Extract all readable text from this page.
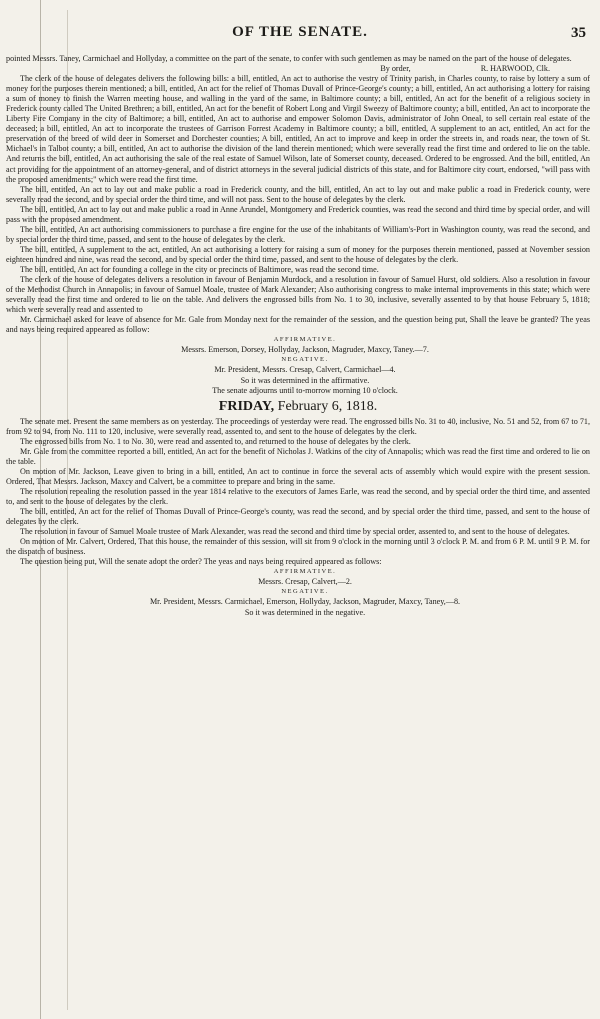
OF THE SENATE.	35

pointed Messrs. Taney, Carmichael and Hollyday, a committee on the part of the senate, to confer with such gentlemen as may be named on the part of the house of delegates.

By order,	R. HARWOOD, Clk.

The clerk of the house of delegates delivers the following bills: a bill, entitled, An act to authorise the vestry of Trinity parish, in Charles county, to raise by lottery a sum of money for the purposes therein mentioned; a bill, entitled, An act for the relief of Thomas Duvall of Prince-George's county; a bill, entitled, An act authorising a lottery for raising a sum of money to finish the Warren meeting house, and walling in the yard of the same, in Baltimore county; a bill, entitled, An act for the benefit of a religious society in Frederick county called The United Brethren; a bill, entitled, An act for the benefit of Robert Long and Virgil Sweezy of Baltimore county; a bill, entitled, An act to incorporate the Liberty Fire Company in the city of Baltimore; a bill, entitled, An act to authorise and empower Solomon Davis, administrator of John Oneal, to sell certain real estate of the deceased; a bill, entitled, An act to incorporate the trustees of Garrison Forrest Academy in Baltimore county; a bill, entitled, A supplement to an act, entitled, An act for the preservation of the breed of wild deer in Somerset and Dorchester counties; A bill, entitled, An act to improve and keep in order the streets in, and roads near, the town of St. Michael's in Talbot county; a bill, entitled, An act to authorise the division of the land therein mentioned; which were severally read the first time and ordered to lie on the table. And returns the bill, entitled, An act authorising the sale of the real estate of Samuel Wilson, late of Somerset county, deceased. Ordered to be engrossed. And the bill, entitled, An act providing for the appointment of an attorney-general, and of district attorneys in the several judicial districts of this state, and for Baltimore city court, endorsed, "will pass with the proposed amendments;" which were read the first time.

The bill, entitled, An act to lay out and make public a road in Frederick county, and the bill, entitled, An act to lay out and make public a road in Frederick county, were severally read the second, and by special order the third time, and will not pass. Sent to the house of delegates by the clerk.

The bill, entitled, An act to lay out and make public a road in Anne Arundel, Montgomery and Frederick counties, was read the second and third time by special order, and will pass with the proposed amendment.

The bill, entitled, An act authorising commissioners to purchase a fire engine for the use of the inhabitants of William's-Port in Washington county, was read the second, and by special order the third time, passed, and sent to the house of delegates by the clerk.

The bill, entitled, A supplement to the act, entitled, An act authorising a lottery for raising a sum of money for the purposes therein mentioned, passed at November session eighteen hundred and nine, was read the second, and by special order the third time, passed, and sent to the house of delegates by the clerk.

The bill, entitled, An act for founding a college in the city or precincts of Baltimore, was read the second time.

The clerk of the house of delegates delivers a resolution in favour of Benjamin Murdock, and a resolution in favour of Samuel Hurst, old soldiers. Also a resolution in favour of the Methodist Church in Annapolis; in favour of Samuel Moale, trustee of Mark Alexander; Also authorising congress to make internal improvements in this state; which were severally read the first time and ordered to lie on the table. And delivers the engrossed bills from No. 1 to 30, inclusive, severally assented to by that house February 5, 1818; which were severally read and assented to

Mr. Carmichael asked for leave of absence for Mr. Gale from Monday next for the remainder of the session, and the question being put, Shall the leave be granted? The yeas and nays being required appeared as follow:

AFFIRMATIVE.

Messrs. Emerson, Dorsey, Hollyday, Jackson, Magruder, Maxcy, Taney.—7.

NEGATIVE.

Mr. President, Messrs. Cresap, Calvert, Carmichael—4.

So it was determined in the affirmative.

The senate adjourns until to-morrow morning 10 o'clock.

FRIDAY, February 6, 1818.

The senate met. Present the same members as on yesterday. The proceedings of yesterday were read. The engrossed bills No. 31 to 40, inclusive, No. 51 and 52, from 67 to 71, from 92 to 94, from No. 111 to 120, inclusive, were severally read, assented to, and sent to the house of delegates by the clerk.

The engrossed bills from No. 1 to No. 30, were read and assented to, and returned to the house of delegates by the clerk.

Mr. Gale from the committee reported a bill, entitled, An act for the benefit of Nicholas J. Watkins of the city of Annapolis; which was read the first time and ordered to lie on the table.

On motion of Mr. Jackson, Leave given to bring in a bill, entitled, An act to continue in force the several acts of assembly which would expire with the present session. Ordered, That Messrs. Jackson, Maxcy and Calvert, be a committee to prepare and bring in the same.

The resolution repealing the resolution passed in the year 1814 relative to the executors of James Earle, was read the second, and by special order the third time, and assented to, and sent to the house of delegates by the clerk.

The bill, entitled, An act for the relief of Thomas Duvall of Prince-George's county, was read the second, and by special order the third time, passed, and sent to the house of delegates by the clerk.

The resolution in favour of Samuel Moale trustee of Mark Alexander, was read the second and third time by special order, assented to, and sent to the house of delegates.

On motion of Mr. Calvert, Ordered, That this house, the remainder of this session, will sit from 9 o'clock in the morning until 3 o'clock P. M. and from 6 P. M. until 9 P. M. for the dispatch of business.

The question being put, Will the senate adopt the order? The yeas and nays being required appeared as follows:

AFFIRMATIVE.

Messrs. Cresap, Calvert,—2.

NEGATIVE.

Mr. President, Messrs. Carmichael, Emerson, Hollyday, Jackson, Magruder, Maxcy, Taney,—8.

So it was determined in the negative.
